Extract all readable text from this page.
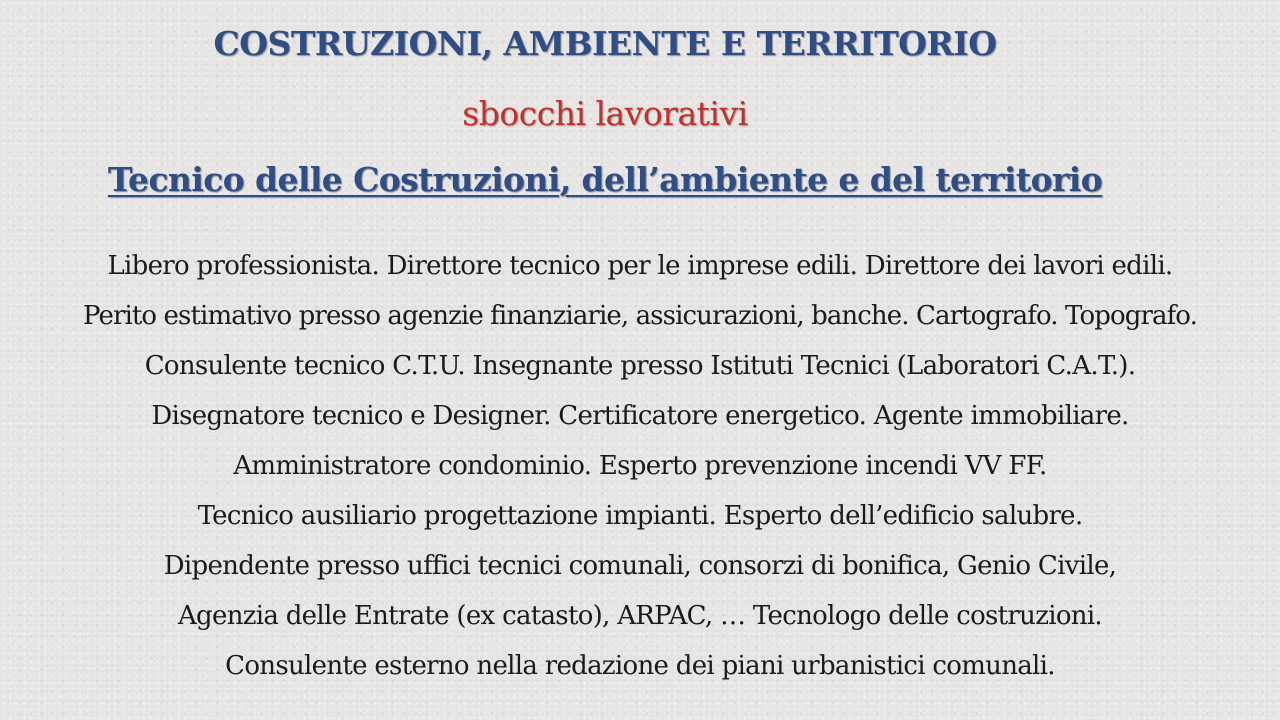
COSTRUZIONI, AMBIENTE E TERRITORIO
sbocchi lavorativi
Tecnico delle Costruzioni, dell’ambiente e del territorio
Libero professionista. Direttore tecnico per le imprese edili. Direttore dei lavori edili.
Perito estimativo presso agenzie finanziarie, assicurazioni, banche. Cartografo. Topografo.
Consulente tecnico C.T.U. Insegnante presso Istituti Tecnici (Laboratori C.A.T.).
Disegnatore tecnico e Designer. Certificatore energetico. Agente immobiliare.
Amministratore condominio. Esperto prevenzione incendi VV FF.
Tecnico ausiliario progettazione impianti. Esperto dell’edificio salubre.
Dipendente presso uffici tecnici comunali, consorzi di bonifica, Genio Civile,
Agenzia delle Entrate (ex catasto), ARPAC, … Tecnologo delle costruzioni.
Consulente esterno nella redazione dei piani urbanistici comunali.
